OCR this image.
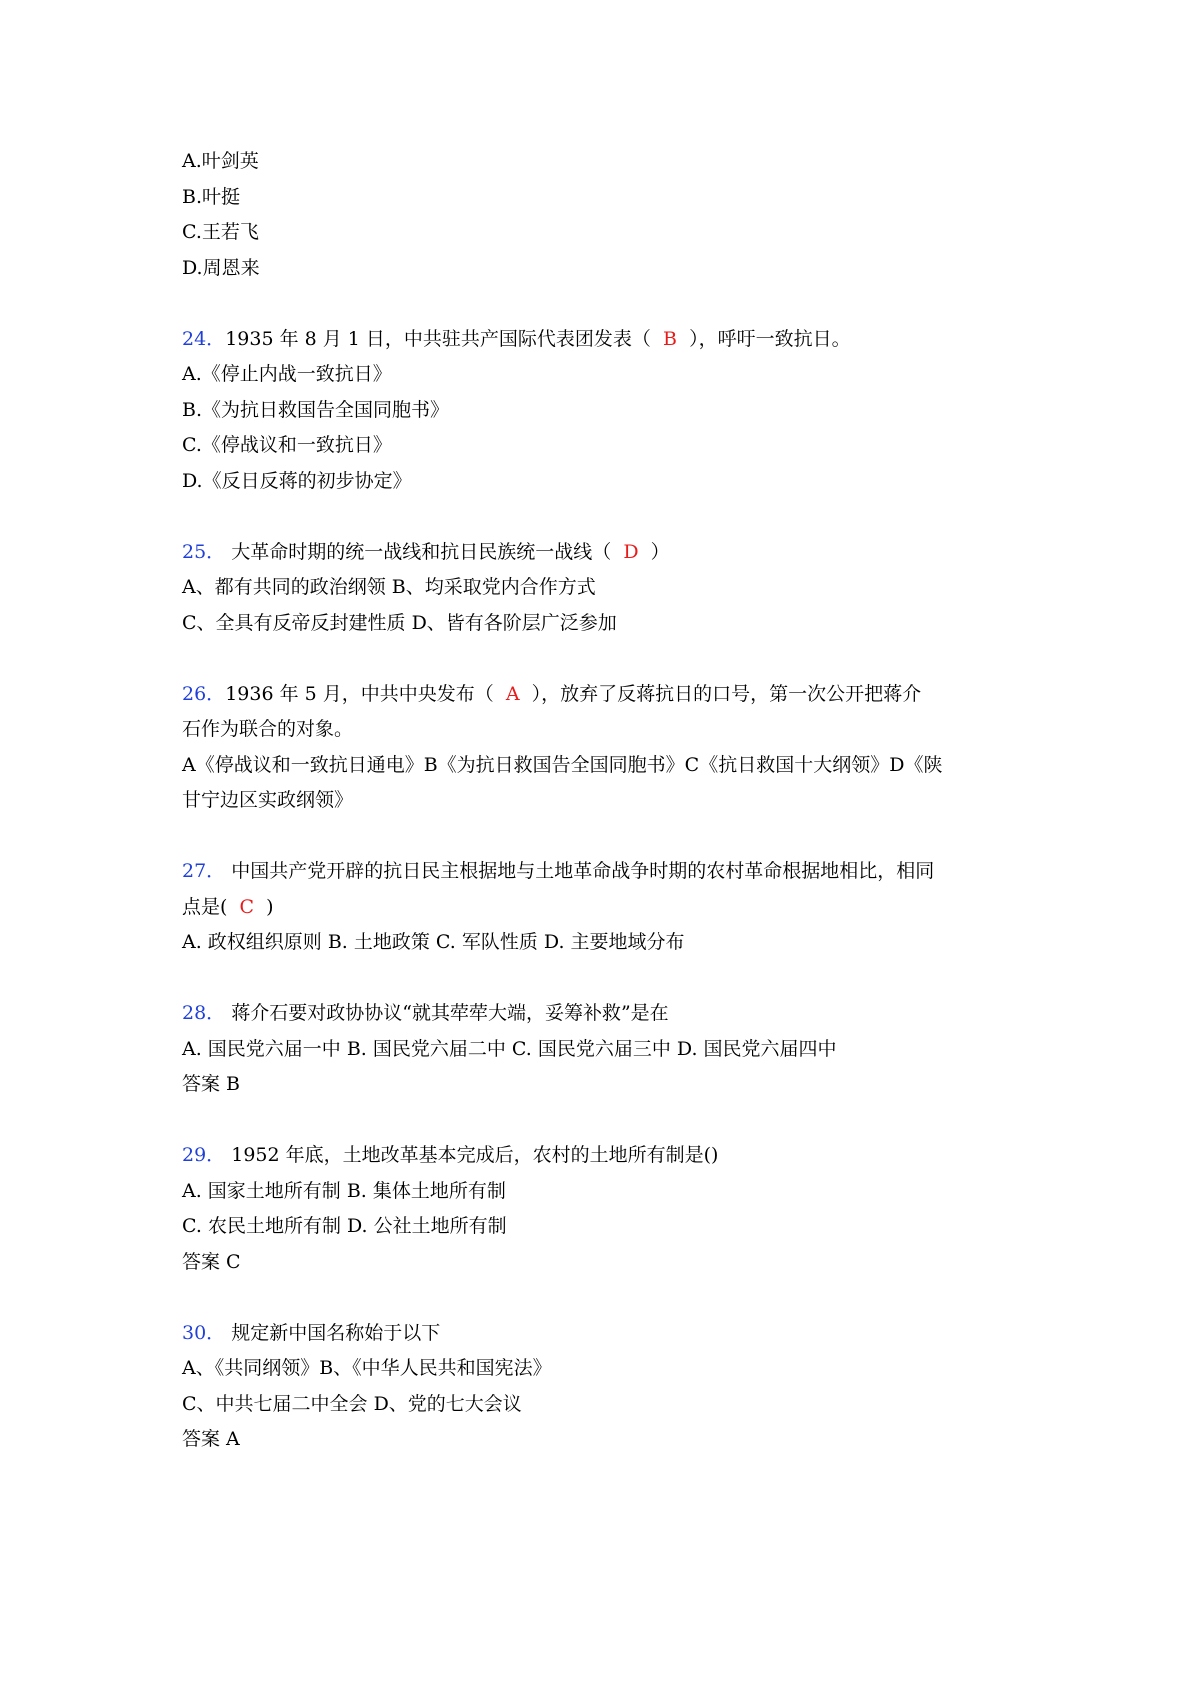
A.叶剑英
B.叶挺
C.王若飞
D.周恩来
24．1935 年 8 月 1 日，中共驻共产国际代表团发表（ B ），呼吁一致抗日。
A.《停止内战一致抗日》
B.《为抗日救国告全国同胞书》
C.《停战议和一致抗日》
D.《反日反蒋的初步协定》
25． 大革命时期的统一战线和抗日民族统一战线（ D ）
A、都有共同的政治纲领 B、均采取党内合作方式
C、全具有反帝反封建性质 D、皆有各阶层广泛参加
26．1936 年 5 月，中共中央发布（ A ），放弃了反蒋抗日的口号，第一次公开把蒋介
石作为联合的对象。
A《停战议和一致抗日通电》B《为抗日救国告全国同胞书》C《抗日救国十大纲领》D《陕
甘宁边区实政纲领》
27． 中国共产党开辟的抗日民主根据地与土地革命战争时期的农村革命根据地相比，相同
点是( C )
A. 政权组织原则 B. 土地政策 C. 军队性质 D. 主要地域分布
28． 蒋介石要对政协协议“就其荦荦大端，妥筹补救”是在
A. 国民党六届一中 B. 国民党六届二中 C. 国民党六届三中 D. 国民党六届四中
答案 B
29． 1952 年底，土地改革基本完成后，农村的土地所有制是()
A. 国家土地所有制 B. 集体土地所有制
C. 农民土地所有制 D. 公社土地所有制
答案 C
30． 规定新中国名称始于以下
A、《共同纲领》B、《中华人民共和国宪法》
C、中共七届二中全会 D、党的七大会议
答案 A
